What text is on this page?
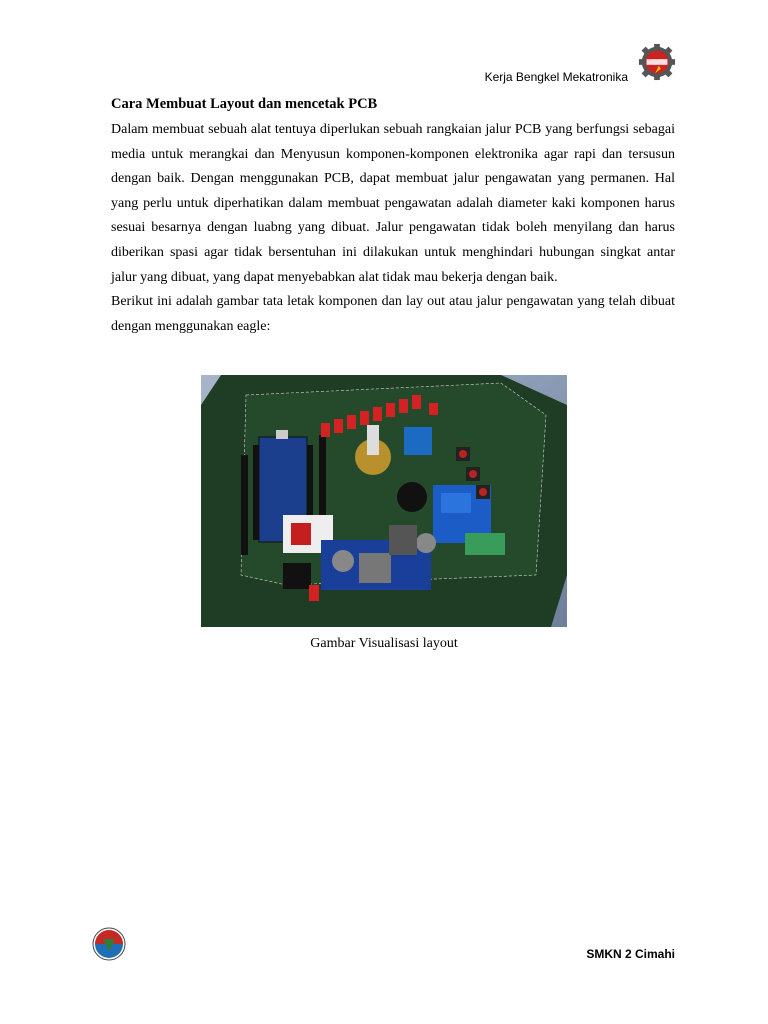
Kerja Bengkel Mekatronika
Cara Membuat Layout dan mencetak PCB

Dalam membuat sebuah alat tentuya diperlukan sebuah rangkaian jalur PCB yang berfungsi sebagai media untuk merangkai dan Menyusun komponen-komponen elektronika agar rapi dan tersusun dengan baik. Dengan menggunakan PCB, dapat membuat jalur pengawatan yang permanen. Hal yang perlu untuk diperhatikan dalam membuat pengawatan adalah diameter kaki komponen harus sesuai besarnya dengan luabng yang dibuat. Jalur pengawatan tidak boleh menyilang dan harus diberikan spasi agar tidak bersentuhan ini dilakukan untuk menghindari hubungan singkat antar jalur yang dibuat, yang dapat menyebabkan alat tidak mau bekerja dengan baik.

Berikut ini adalah gambar tata letak komponen dan lay out atau jalur pengawatan yang telah dibuat dengan menggunakan eagle:

Gambar Visualisasi layout
SMKN 2 Cimahi
